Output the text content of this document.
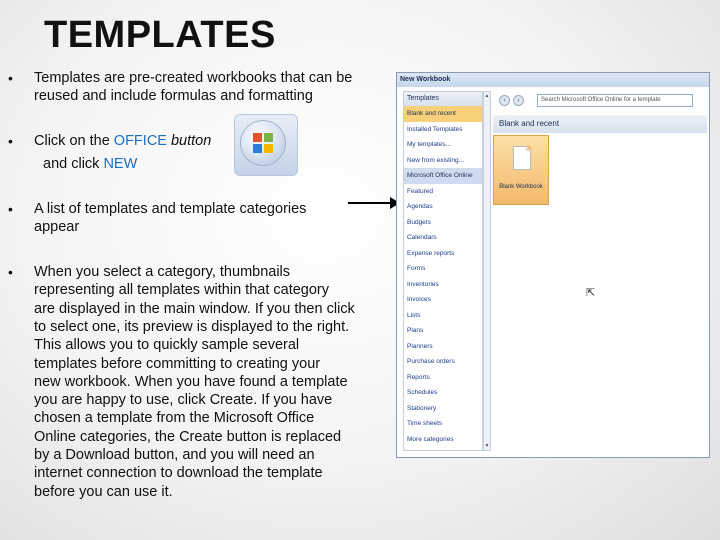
TEMPLATES
• Templates are pre-created workbooks that can be
reused and include formulas and formatting
• Click on the OFFICE button
and click NEW
• A list of templates and template categories
appear
• When you select a category, thumbnails
representing all templates within that category
are displayed in the main window. If you then click
to select one, its preview is displayed to the right.
This allows you to quickly sample several
templates before committing to creating your
new workbook. When you have found a template
you are happy to use, click Create. If you have
chosen a template from the Microsoft Office
Online categories, the Create button is replaced
by a Download button, and you will need an
internet connection to download the template
before you can use it.
New Workbook
Templates
Blank and recent
Installed Templates
My templates...
New from existing...
Microsoft Office Online
Featured
Agendas
Budgets
Calendars
Expense reports
Forms
Inventories
Invoices
Lists
Plans
Planners
Purchase orders
Reports
Schedules
Stationery
Time sheets
More categories
▲
▼
‹	›	Search Microsoft Office Online for a template
Blank and recent
Blank Workbook
⇱
